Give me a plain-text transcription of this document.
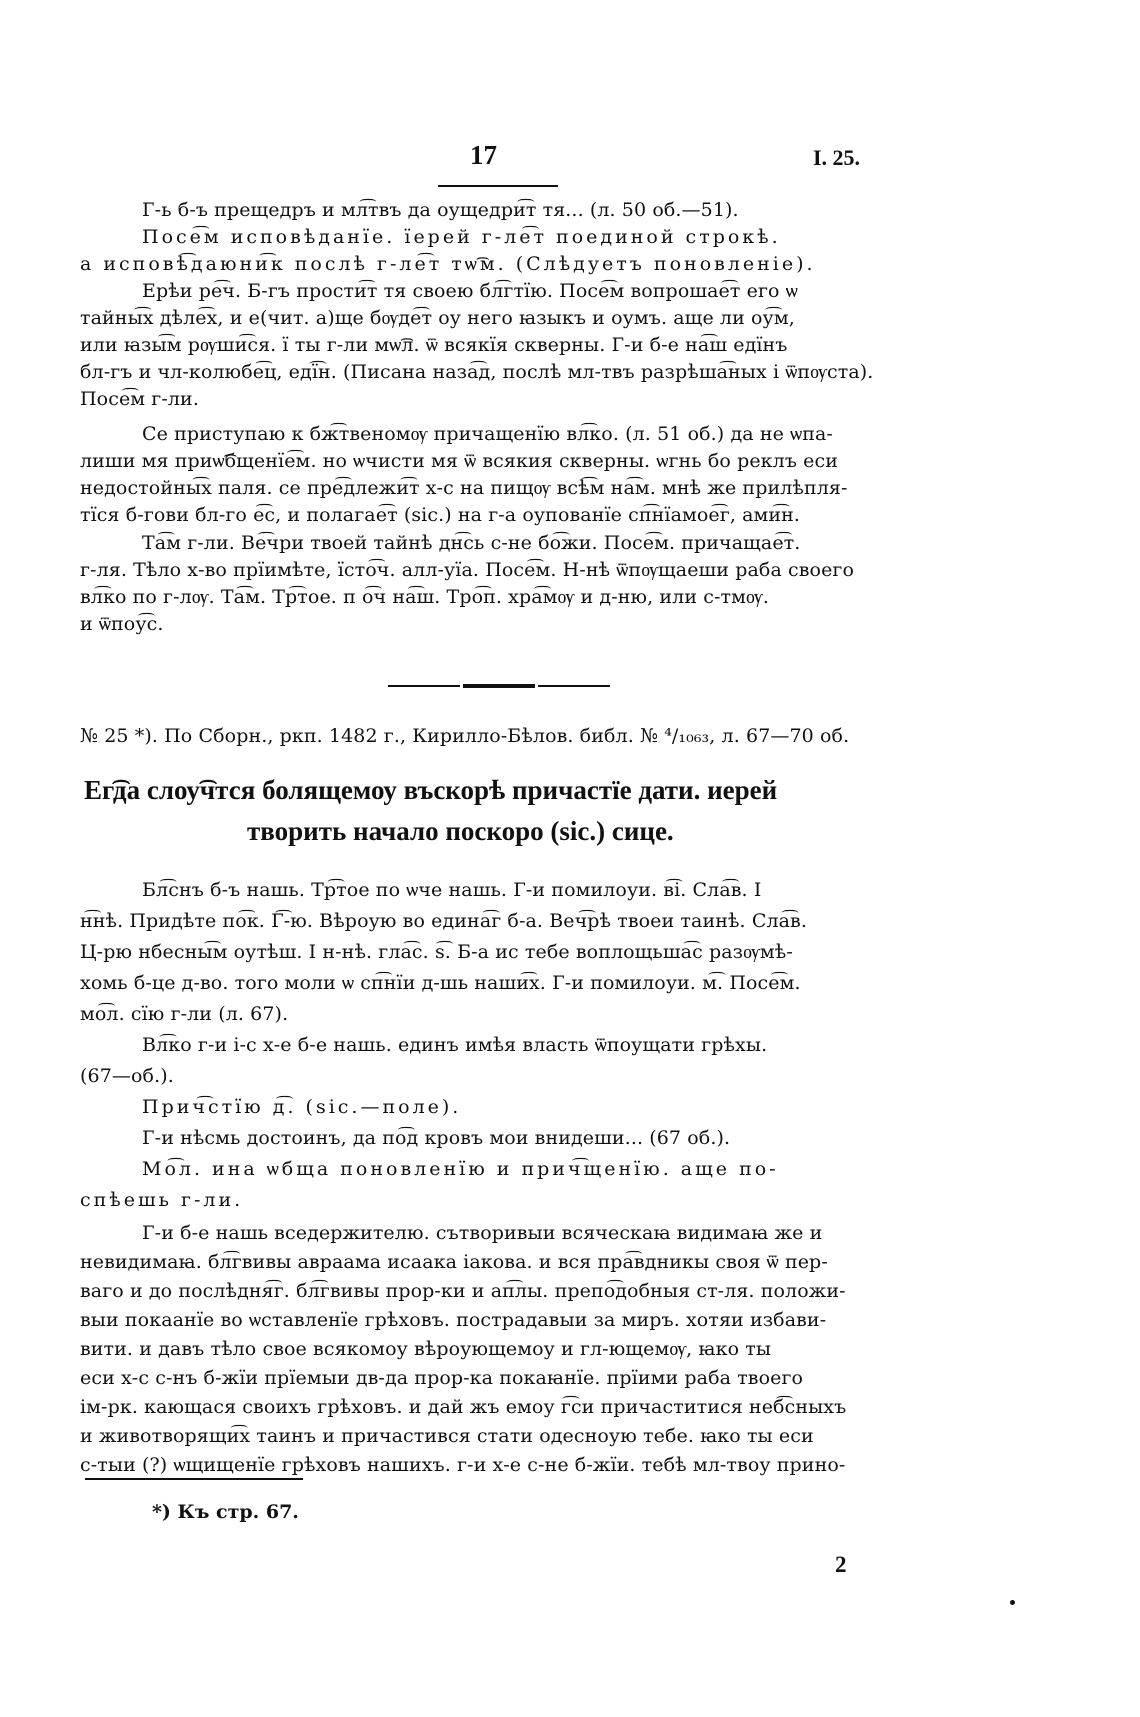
17	I. 25.
Г-ь б-ъ прещедръ и мл͡твъ да оущедри͡т тя... (л. 50 об.—51).
Посе͡м исповѣданїе. їерей г-ле͡т поединой строкѣ.
а исповѣ͡даюни͡к послѣ г-ле͡т тѡ͡м. (Слѣдуетъ поновленіе).
Ерѣи ре͡ч. Б-гъ прости͡т тя своею бл͡гтїю. Посе͡м вопрошае͡т его ѡ
тайны͡х дѣле͡х, и е(чит. а)ще бѹде͡т оу него ꙗзыкъ и оумъ. аще ли оу͡м,
или ꙗзы͡м рѹши͡ся. ї ты г-ли мѡ͡л. ѿ всякїя скверны. Г-и б-е на͡ш едїнъ
бл-гъ и чл-колюбе͡ц, едї͡н. (Писана наза͡д, послѣ мл-твъ разрѣша͡ных і ѿпѹста).
Посе͡м г-ли.
Се приступаю к бж͡твеномѹ причащенїю вл͡ко. (л. 51 об.) да не ѡпа-
лиши мя приѡ͡бщенїе͡м. но ѡчисти мя ѿ всякия скверны. ѡгнь бо реклъ еси
недостойны͡х паля. се пре͡длежи͡т х-с на пищѹ всѣ͡м на͡м. мнѣ же прилѣпля-
тїся б-гови бл-го е͡с, и полагае͡т (sic.) на г-а оупованїе сп͡нїамое͡г, ами͡н.
Та͡м г-ли. Ве͡чри твоей тайнѣ дн͡сь с-не бо͡жи. Посе͡м. причащае͡т.
г-ля. Тѣло х-во прїимѣте, їсто͡ч. алл-уїа. Посе͡м. Н-нѣ ѿпѹщаеши раба своего
вл͡ко по г-лѹ. Та͡м. Тр͡тое. п о͡ч на͡ш. Тро͡п. хра͡мѹ и д-ню, или с-тмѹ.
и ѿпоу͡с.
№ 25 *). По Сборн., ркп. 1482 г., Кирилло-Бѣлов. библ. № ⁴/₁₀₆₃, л. 67—70 об.
Ег͡да слоу͡чтся болящемоу въскорѣ причастїе дати. иерей
творить начало поскоро (sic.) сице.
Бл͡снъ б-ъ нашь. Тр͡тое по ѡче нашь. Г-и помилоуи. в͡і. Сла͡в. І
н͡нѣ. Придѣте по͡к. Г͡-ю. Вѣроую во едина͡г б-а. Веч͡рѣ твоеи таинѣ. Сла͡в.
Ц-рю нбесны͡м оутѣш. І н-нѣ. гла͡с. ѕ͡. Б-а ис тебе воплощьша͡с разѹмѣ-
хомь б-це д-во. того моли ѡ сп͡нїи д-шь наши͡х. Г-и помилоуи. м͡. Посе͡м.
мо͡л. сїю г-ли (л. 67).
Вл͡ко г-и і-с х-е б-е нашь. единъ имѣя власть ѿпоущати грѣхы.
(67—об.).
Прич͡стїю д͡. (sic.—поле).
Г-и нѣсмь достоинъ, да по͡д кровъ мои внидеши... (67 об.).
Мо͡л. ина ѡбща поновленїю и прич͡щенїю. аще по-
спѣешь г-ли.
Г-и б-е нашь вседержителю. сътворивыи всяческаꙗ видимаꙗ же и
невидимаꙗ. бл͡гвивы авраама исаака іакова. и вся пра͡вдникы своя ѿ пер-
ваго и до послѣдня͡г. бл͡гвивы прор-ки и ап͡лы. препо͡добныя ст-ля. положи-
выи покаанїе во ѡставленїе грѣховъ. пострадавыи за миръ. хотяи избави-
вити. и давъ тѣло свое всякомоу вѣроующемоу и гл-ющемѹ, ꙗко ты
еси х-с с-нъ б-жїи прїемыи дв-да прор-ка покаꙗнїе. прїими раба твоего
ім-рк. кающася своихъ грѣховъ. и дай жъ емоу г͡си причаститися неб͡сныхъ
и животворящи͡х таинъ и причастився стати одесноую тебе. ꙗко ты еси
с-тыи (?) ѡщищенїе грѣховъ нашихъ. г-и х-е с-не б-жїи. тебѣ мл-твоу прино-
*) Къ стр. 67.
2
